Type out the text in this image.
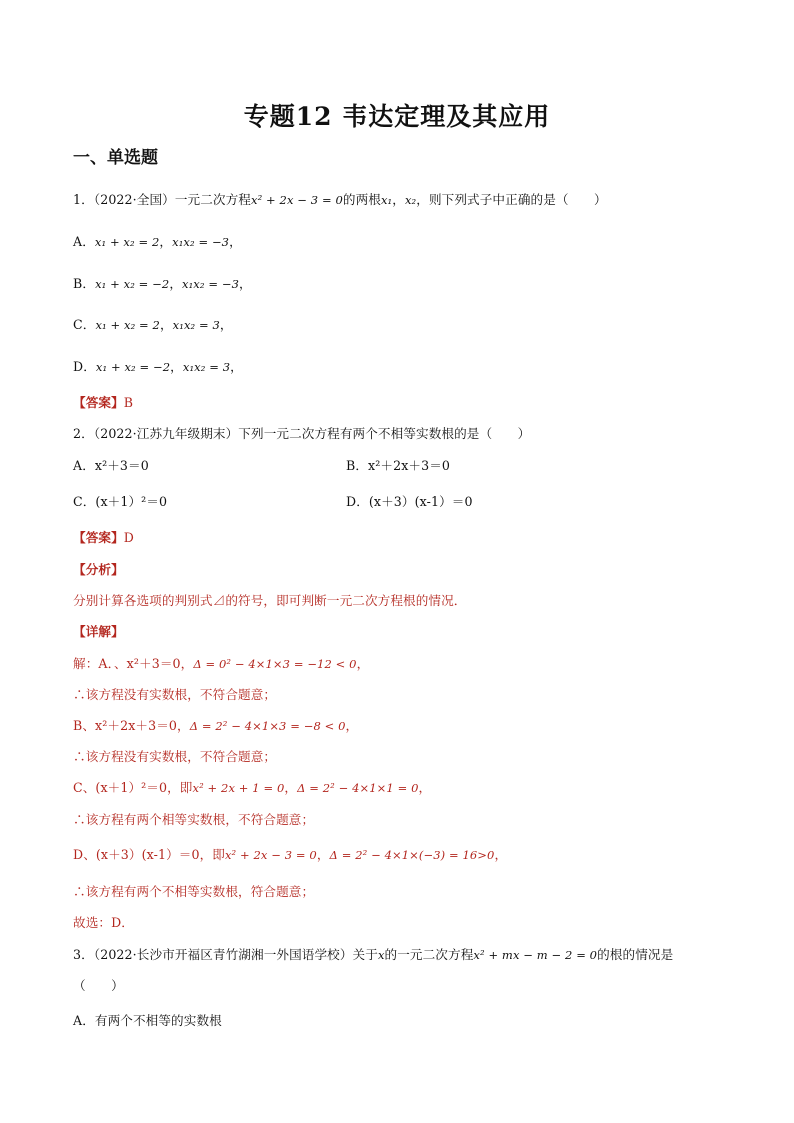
专题12 韦达定理及其应用
一、单选题
1．（2022·全国）一元二次方程x² + 2x − 3 = 0的两根x₁，x₂，则下列式子中正确的是（　　）
A．x₁ + x₂ = 2，x₁x₂ = −3，
B．x₁ + x₂ = −2，x₁x₂ = −3，
C．x₁ + x₂ = 2，x₁x₂ = 3，
D．x₁ + x₂ = −2，x₁x₂ = 3，
【答案】B
2．（2022·江苏九年级期末）下列一元二次方程有两个不相等实数根的是（　　）
A．x²＋3＝0	B．x²＋2x＋3＝0
C．(x＋1）²＝0	D．(x＋3）(x-1）＝0
【答案】D
【分析】
分别计算各选项的判别式⊿的符号，即可判断一元二次方程根的情况．
【详解】
解：A．、x²＋3＝0，Δ = 0² − 4×1×3 = −12 < 0，
∴该方程没有实数根，不符合题意；
B、x²＋2x＋3＝0，Δ = 2² − 4×1×3 = −8 < 0，
∴该方程没有实数根，不符合题意；
C、(x＋1）²＝0，即x² + 2x + 1 = 0，Δ = 2² − 4×1×1 = 0，
∴该方程有两个相等实数根，不符合题意；
D、(x＋3）(x-1）＝0，即x² + 2x − 3 = 0，Δ = 2² − 4×1×(−3) = 16>0，
∴该方程有两个不相等实数根，符合题意；
故选：D．
3．（2022·长沙市开福区青竹湖湘一外国语学校）关于x的一元二次方程x² + mx − m − 2 = 0的根的情况是
（　　）
A．有两个不相等的实数根
